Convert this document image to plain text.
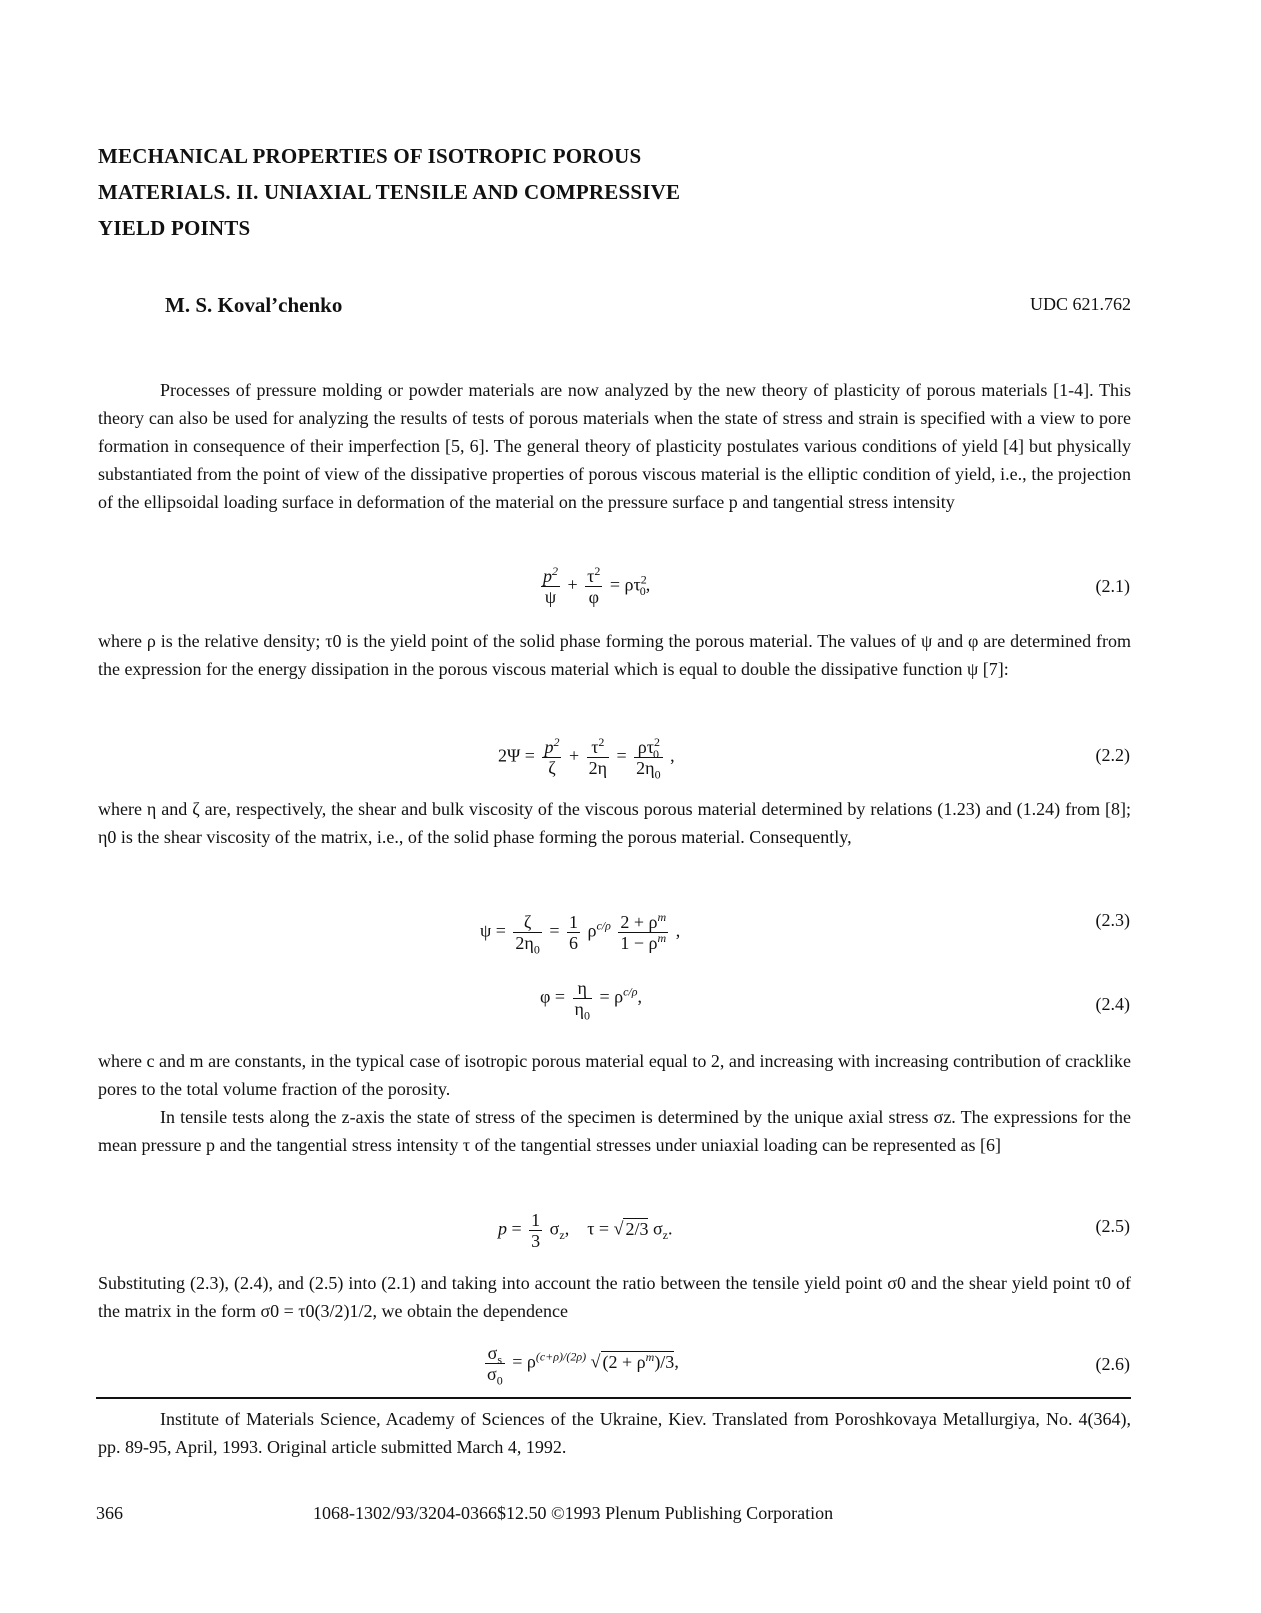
MECHANICAL PROPERTIES OF ISOTROPIC POROUS
MATERIALS. II. UNIAXIAL TENSILE AND COMPRESSIVE
YIELD POINTS
M. S. Koval’chenko	UDC 621.762

Processes of pressure molding or powder materials are now analyzed by the new theory of plasticity of porous materials [1-4]. This theory can also be used for analyzing the results of tests of porous materials when the state of stress and strain is specified with a view to pore formation in consequence of their imperfection [5, 6]. The general theory of plasticity postulates various conditions of yield [4] but physically substantiated from the point of view of the dissipative properties of porous viscous material is the elliptic condition of yield, i.e., the projection of the ellipsoidal loading surface in deformation of the material on the pressure surface p and tangential stress intensity

$\frac{p^2}{\psi} + \frac{\tau^2}{\varphi} = \rho\tau^2_0$,	(2.1)

where ρ is the relative density; τ0 is the yield point of the solid phase forming the porous material. The values of ψ and φ are determined from the expression for the energy dissipation in the porous viscous material which is equal to double the dissipative function ψ [7]:

$2\Psi = \frac{p^2}{\zeta} + \frac{\tau^2}{2\eta} = \frac{\rho\tau^2_0}{2\eta_0}$ ,	(2.2)

where η and ζ are, respectively, the shear and bulk viscosity of the viscous porous material determined by relations (1.23) and (1.24) from [8]; η0 is the shear viscosity of the matrix, i.e., of the solid phase forming the porous material. Consequently,

$\psi = \frac{\zeta}{2\eta_0} = \frac{1}{6} \rho^{c/\rho} \frac{2 + \rho^m}{1 - \rho^m}$ ,
(2.3)
$\varphi = \frac{\eta}{\eta_0} = \rho^{c/\rho}$,	(2.4)

where c and m are constants, in the typical case of isotropic porous material equal to 2, and increasing with increasing contribution of cracklike pores to the total volume fraction of the porosity.

In tensile tests along the z-axis the state of stress of the specimen is determined by the unique axial stress σz. The expressions for the mean pressure p and the tangential stress intensity τ of the tangential stresses under uniaxial loading can be represented as [6]

$p = \frac{1}{3} \sigma_z$,    τ = √ 2/3 $\sigma_z$.	(2.5)

Substituting (2.3), (2.4), and (2.5) into (2.1) and taking into account the ratio between the tensile yield point σ0 and the shear yield point τ0 of the matrix in the form σ0 = τ0(3/2)1/2, we obtain the dependence

$\frac{\sigma_s}{\sigma_0} = \rho^{(c+\rho)/(2\rho)}$ √ $(2 + \rho^m)/3$,	(2.6)

Institute of Materials Science, Academy of Sciences of the Ukraine, Kiev. Translated from Poroshkovaya Metallurgiya, No. 4(364), pp. 89-95, April, 1993. Original article submitted March 4, 1992.

366	1068-1302/93/3204-0366$12.50 ©1993 Plenum Publishing Corporation
